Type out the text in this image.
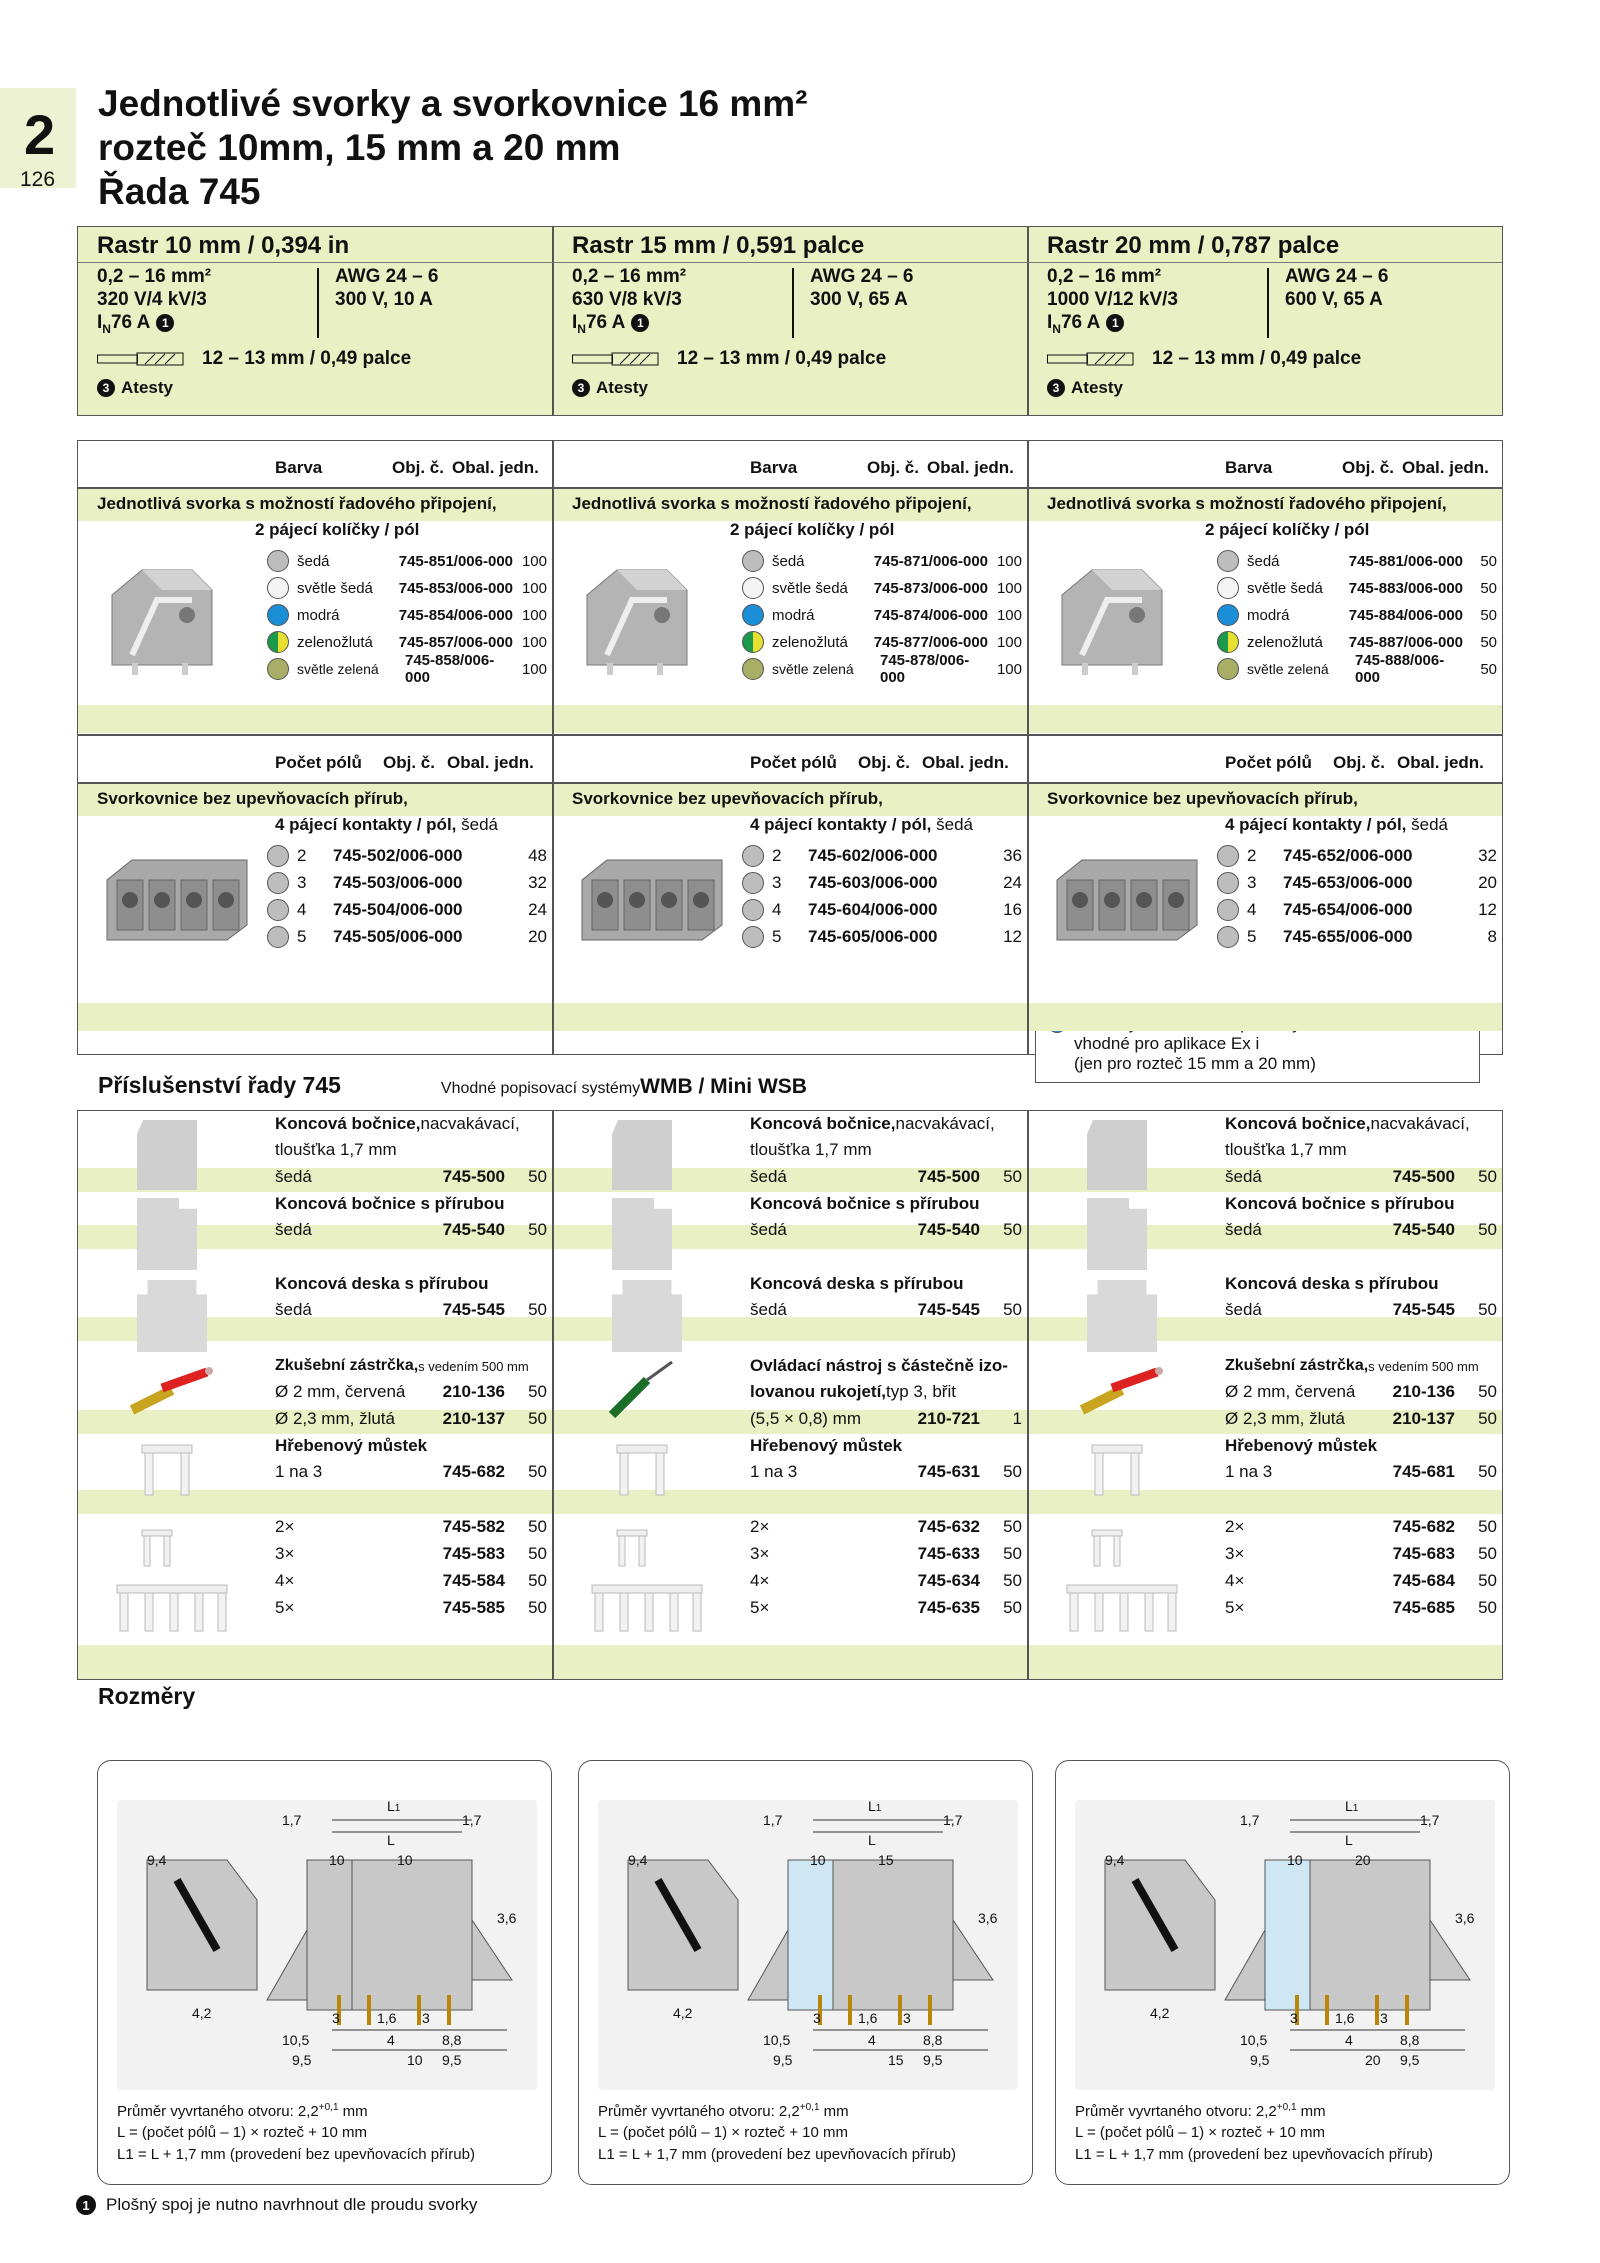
2
126
Jednotlivé svorky a svorkovnice 16 mm²
rozteč 10mm, 15 mm a 20 mm
Řada 745
vhodné pro aplikace Ex i
(jen pro rozteč 15 mm a 20 mm)
Příslušenství řady 745	Vhodné popisovací systémy WMB / Mini WSB
Rozměry
1 Plošný spoj je nutno navrhnout dle proudu svorky
Rastr 10 mm / 0,394 in
0,2 – 16 mm²
320 V/4 kV/3
I N 76 A 1
AWG 24 – 6
300 V, 10 A
12 – 13 mm / 0,49 palce
3 Atesty
Rastr 15 mm / 0,591 palce
0,2 – 16 mm²
630 V/8 kV/3
I N 76 A 1
AWG 24 – 6
300 V, 65 A
12 – 13 mm / 0,49 palce
3 Atesty
Rastr 20 mm / 0,787 palce
0,2 – 16 mm²
1000 V/12 kV/3
I N 76 A 1
AWG 24 – 6
600 V, 65 A
12 – 13 mm / 0,49 palce
3 Atesty
Barva	Obj. č. Obal. jedn.
Jednotlivá svorka s možností řadového připojení,
2 pájecí kolíčky / pól
šedá	745-851/006-000 100
světle šedá	745-853/006-000 100
modrá	745-854/006-000 100
zelenožlutá	745-857/006-000 100
světle zelená	745-858/006-000	100
Barva	Obj. č. Obal. jedn.
Jednotlivá svorka s možností řadového připojení,
2 pájecí kolíčky / pól
šedá	745-871/006-000 100
světle šedá	745-873/006-000 100
modrá	745-874/006-000 100
zelenožlutá	745-877/006-000 100
světle zelená	745-878/006-000	100
Barva	Obj. č. Obal. jedn.
Jednotlivá svorka s možností řadového připojení,
2 pájecí kolíčky / pól
šedá	745-881/006-000	50
světle šedá	745-883/006-000	50
modrá	745-884/006-000	50
zelenožlutá	745-887/006-000	50
světle zelená	745-888/006-000	50
Počet pólů Obj. č. Obal. jedn.
Svorkovnice bez upevňovacích přírub,
4 pájecí kontakty / pól, šedá
2	745-502/006-000	48
3	745-503/006-000	32
4	745-504/006-000	24
5	745-505/006-000	20
Počet pólů Obj. č. Obal. jedn.
Svorkovnice bez upevňovacích přírub,
4 pájecí kontakty / pól, šedá
2	745-602/006-000	36
3	745-603/006-000	24
4	745-604/006-000	16
5	745-605/006-000	12
Počet pólů Obj. č. Obal. jedn.
Svorkovnice bez upevňovacích přírub,
4 pájecí kontakty / pól, šedá
2	745-652/006-000	32
3	745-653/006-000	20
4	745-654/006-000	12
5	745-655/006-000	8
Koncová bočnice, nacvakávací,
tloušťka 1,7 mm
šedá	745-500	50
Koncová bočnice s přírubou
šedá	745-540	50
Koncová deska s přírubou
šedá	745-545	50
Zkušební zástrčka, s vedením 500 mm
Ø 2 mm, červená 210-136	50
Ø 2,3 mm, žlutá	210-137	50
Hřebenový můstek
1 na 3	745-682	50
2×	745-582	50
3×	745-583	50
4×	745-584	50
5×	745-585	50
Koncová bočnice, nacvakávací,
tloušťka 1,7 mm
šedá	745-500	50
Koncová bočnice s přírubou
šedá	745-540	50
Koncová deska s přírubou
šedá	745-545	50
Ovládací nástroj s částečně izo-
lovanou rukojetí, typ 3, břit
(5,5 × 0,8) mm	210-721	1
Hřebenový můstek
1 na 3	745-631	50
2×	745-632	50
3×	745-633	50
4×	745-634	50
5×	745-635	50
Koncová bočnice, nacvakávací,
tloušťka 1,7 mm
šedá	745-500	50
Koncová bočnice s přírubou
šedá	745-540	50
Koncová deska s přírubou
šedá	745-545	50
Zkušební zástrčka, s vedením 500 mm
Ø 2 mm, červená 210-136	50
Ø 2,3 mm, žlutá	210-137	50
Hřebenový můstek
1 na 3	745-681	50
2×	745-682	50
3×	745-683	50
4×	745-684	50
5×	745-685	50
1,7	1,7
L1
L
9,4	10	10
3,6
4,2	3	1,6 3
10,5	4	8,8
9,5	10 9,5
Průměr vyvrtaného otvoru: $2,2^{+0,1}$ mm
L = (počet pólů – 1) × rozteč + 10 mm
L1 = L + 1,7 mm (provedení bez upevňovacích přírub)
1,7	1,7
L1
L
9,4	10	15
3,6
4,2	3	1,6 3
10,5	4	8,8
9,5	15 9,5
Průměr vyvrtaného otvoru: $2,2^{+0,1}$ mm
L = (počet pólů – 1) × rozteč + 10 mm
L1 = L + 1,7 mm (provedení bez upevňovacích přírub)
1,7	1,7
L1
L
9,4	10	20
3,6
4,2	3	1,6 3
10,5	4	8,8
9,5	20 9,5
Průměr vyvrtaného otvoru: $2,2^{+0,1}$ mm
L = (počet pólů – 1) × rozteč + 10 mm
L1 = L + 1,7 mm (provedení bez upevňovacích přírub)
